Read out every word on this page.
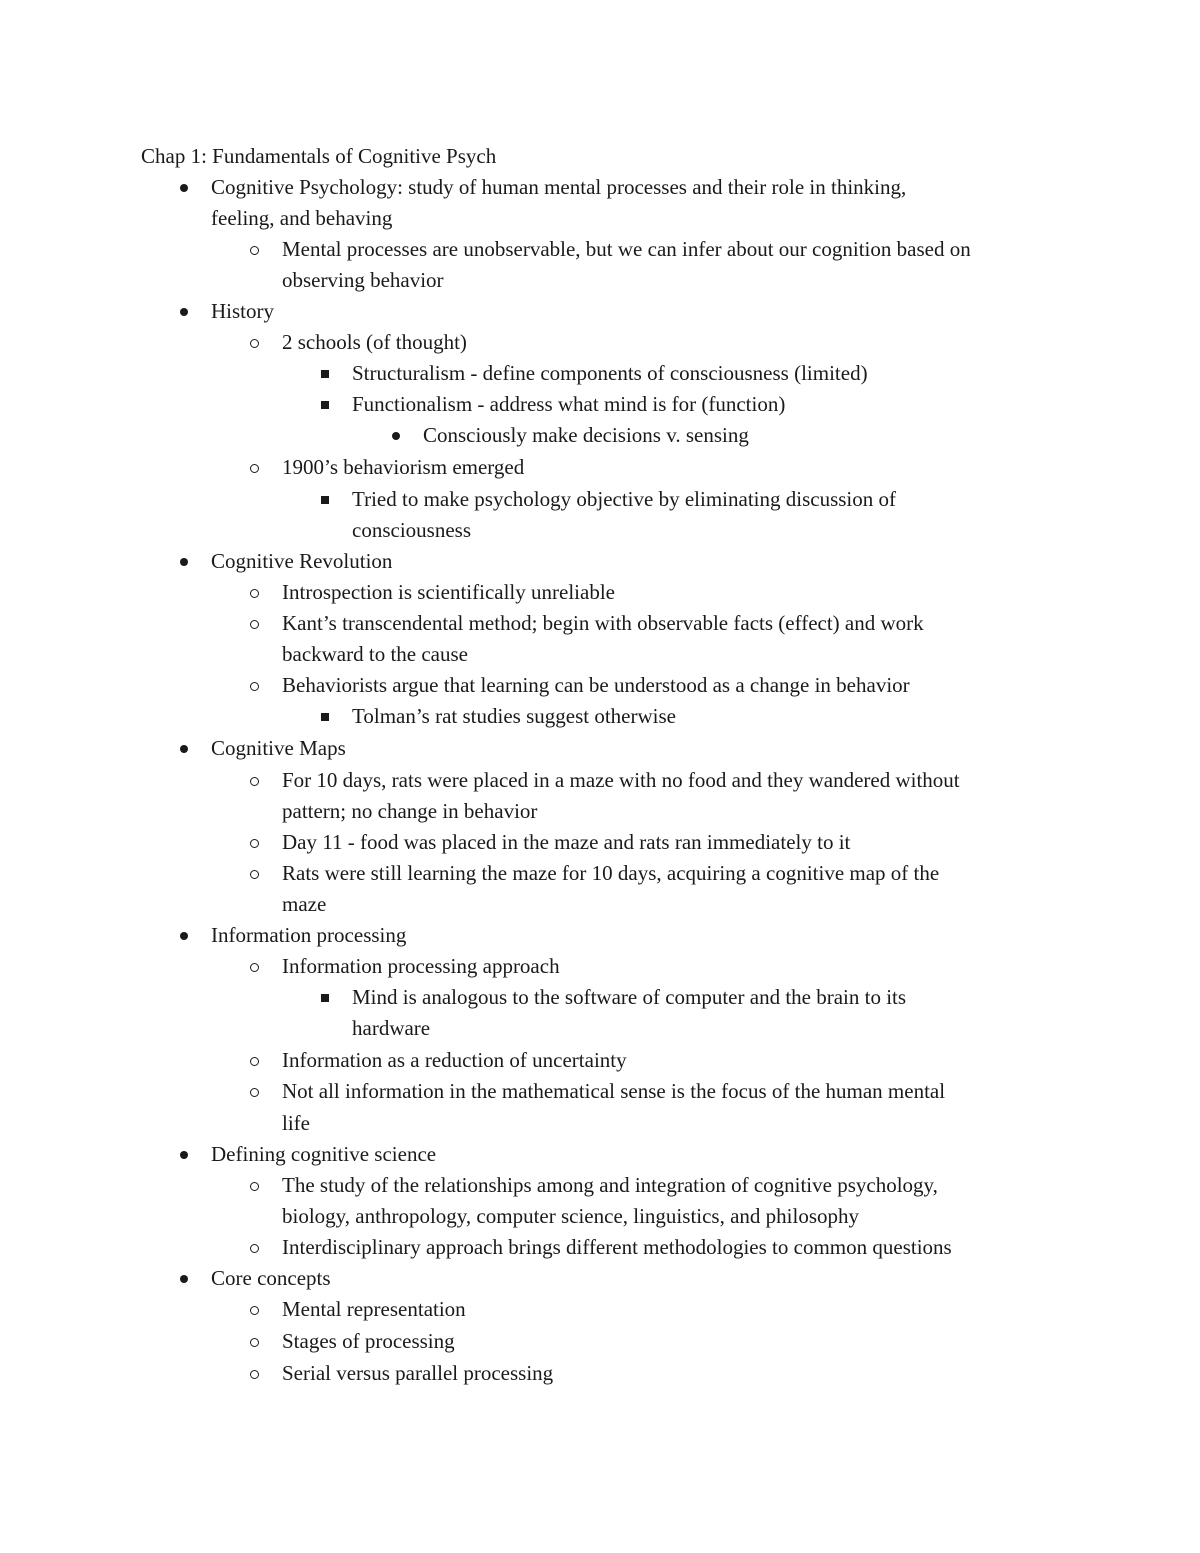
Chap 1: Fundamentals of Cognitive Psych
Cognitive Psychology: study of human mental processes and their role in thinking,
feeling, and behaving
Mental processes are unobservable, but we can infer about our cognition based on
observing behavior
History
2 schools (of thought)
Structuralism - define components of consciousness (limited)
Functionalism - address what mind is for (function)
Consciously make decisions v. sensing
1900’s behaviorism emerged
Tried to make psychology objective by eliminating discussion of
consciousness
Cognitive Revolution
Introspection is scientifically unreliable
Kant’s transcendental method; begin with observable facts (effect) and work
backward to the cause
Behaviorists argue that learning can be understood as a change in behavior
Tolman’s rat studies suggest otherwise
Cognitive Maps
For 10 days, rats were placed in a maze with no food and they wandered without
pattern; no change in behavior
Day 11 - food was placed in the maze and rats ran immediately to it
Rats were still learning the maze for 10 days, acquiring a cognitive map of the
maze
Information processing
Information processing approach
Mind is analogous to the software of computer and the brain to its
hardware
Information as a reduction of uncertainty
Not all information in the mathematical sense is the focus of the human mental
life
Defining cognitive science
The study of the relationships among and integration of cognitive psychology,
biology, anthropology, computer science, linguistics, and philosophy
Interdisciplinary approach brings different methodologies to common questions
Core concepts
Mental representation
Stages of processing
Serial versus parallel processing
